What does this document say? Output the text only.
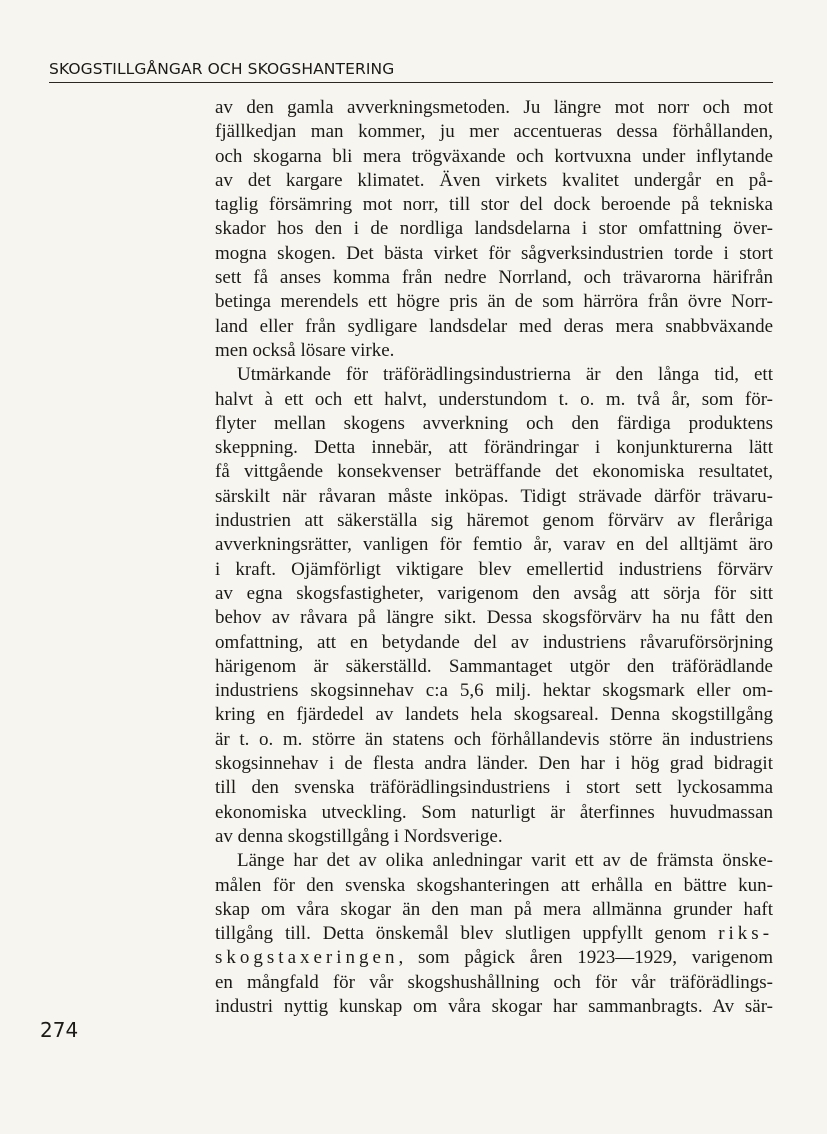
SKOGSTILLGÅNGAR OCH SKOGSHANTERING
av den gamla avverkningsmetoden. Ju längre mot norr och mot
fjällkedjan man kommer, ju mer accentueras dessa förhållanden,
och skogarna bli mera trögväxande och kortvuxna under inflytande
av det kargare klimatet. Även virkets kvalitet undergår en på-
taglig försämring mot norr, till stor del dock beroende på tekniska
skador hos den i de nordliga landsdelarna i stor omfattning över-
mogna skogen. Det bästa virket för sågverksindustrien torde i stort
sett få anses komma från nedre Norrland, och trävarorna härifrån
betinga merendels ett högre pris än de som härröra från övre Norr-
land eller från sydligare landsdelar med deras mera snabbväxande
men också lösare virke.
Utmärkande för träförädlingsindustrierna är den långa tid, ett
halvt à ett och ett halvt, understundom t. o. m. två år, som för-
flyter mellan skogens avverkning och den färdiga produktens
skeppning. Detta innebär, att förändringar i konjunkturerna lätt
få vittgående konsekvenser beträffande det ekonomiska resultatet,
särskilt när råvaran måste inköpas. Tidigt strävade därför trävaru-
industrien att säkerställa sig häremot genom förvärv av fleråriga
avverkningsrätter, vanligen för femtio år, varav en del alltjämt äro
i kraft. Ojämförligt viktigare blev emellertid industriens förvärv
av egna skogsfastigheter, varigenom den avsåg att sörja för sitt
behov av råvara på längre sikt. Dessa skogsförvärv ha nu fått den
omfattning, att en betydande del av industriens råvaruförsörjning
härigenom är säkerställd. Sammantaget utgör den träförädlande
industriens skogsinnehav c:a 5,6 milj. hektar skogsmark eller om-
kring en fjärdedel av landets hela skogsareal. Denna skogstillgång
är t. o. m. större än statens och förhållandevis större än industriens
skogsinnehav i de flesta andra länder. Den har i hög grad bidragit
till den svenska träförädlingsindustriens i stort sett lyckosamma
ekonomiska utveckling. Som naturligt är återfinnes huvudmassan
av denna skogstillgång i Nordsverige.
Länge har det av olika anledningar varit ett av de främsta önske-
målen för den svenska skogshanteringen att erhålla en bättre kun-
skap om våra skogar än den man på mera allmänna grunder haft
tillgång till. Detta önskemål blev slutligen uppfyllt genom riks-
skogstaxeringen, som pågick åren 1923—1929, varigenom
en mångfald för vår skogshushållning och för vår träförädlings-
industri nyttig kunskap om våra skogar har sammanbragts. Av sär-
274
